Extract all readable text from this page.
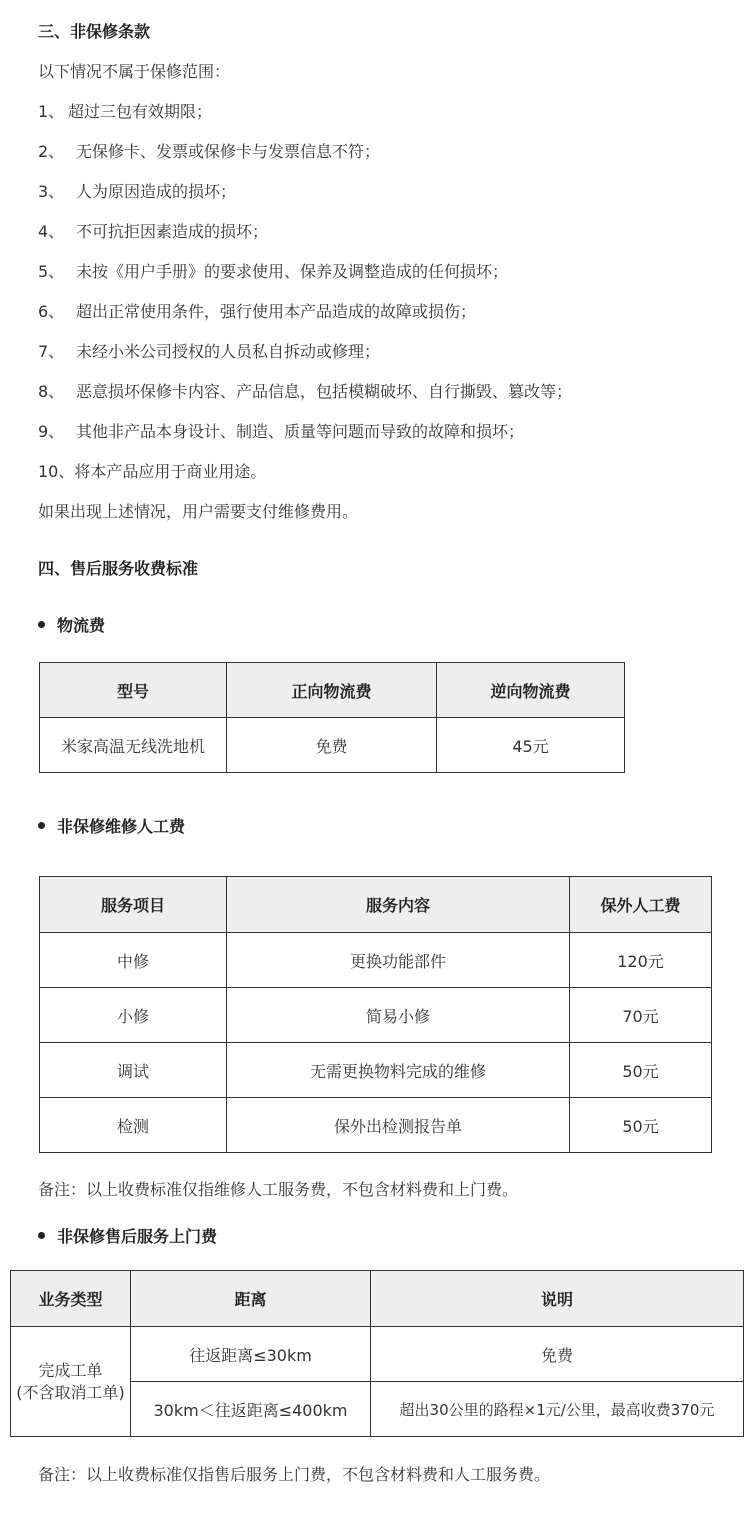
三、非保修条款
以下情况不属于保修范围：
1、 超过三包有效期限；
2、 无保修卡、发票或保修卡与发票信息不符；
3、 人为原因造成的损坏；
4、 不可抗拒因素造成的损坏；
5、 未按《用户手册》的要求使用、保养及调整造成的任何损坏；
6、 超出正常使用条件，强行使用本产品造成的故障或损伤；
7、 未经小米公司授权的人员私自拆动或修理；
8、 恶意损坏保修卡内容、产品信息，包括模糊破坏、自行撕毁、篡改等；
9、 其他非产品本身设计、制造、质量等问题而导致的故障和损坏；
10、将本产品应用于商业用途。
如果出现上述情况，用户需要支付维修费用。
四、售后服务收费标准
物流费
型号	正向物流费	逆向物流费
米家高温无线洗地机	免费	45元
非保修维修人工费
服务项目	服务内容	保外人工费
中修	更换功能部件	120元
小修	简易小修	70元
调试	无需更换物料完成的维修	50元
检测	保外出检测报告单	50元
备注：以上收费标准仅指维修人工服务费，不包含材料费和上门费。
非保修售后服务上门费
业务类型	距离	说明

完成工单
(不含取消工单)	往返距离≤30km	免费
	30km＜往返距离≤400km	超出30公里的路程×1元/公里，最高收费370元
备注：以上收费标准仅指售后服务上门费，不包含材料费和人工服务费。
